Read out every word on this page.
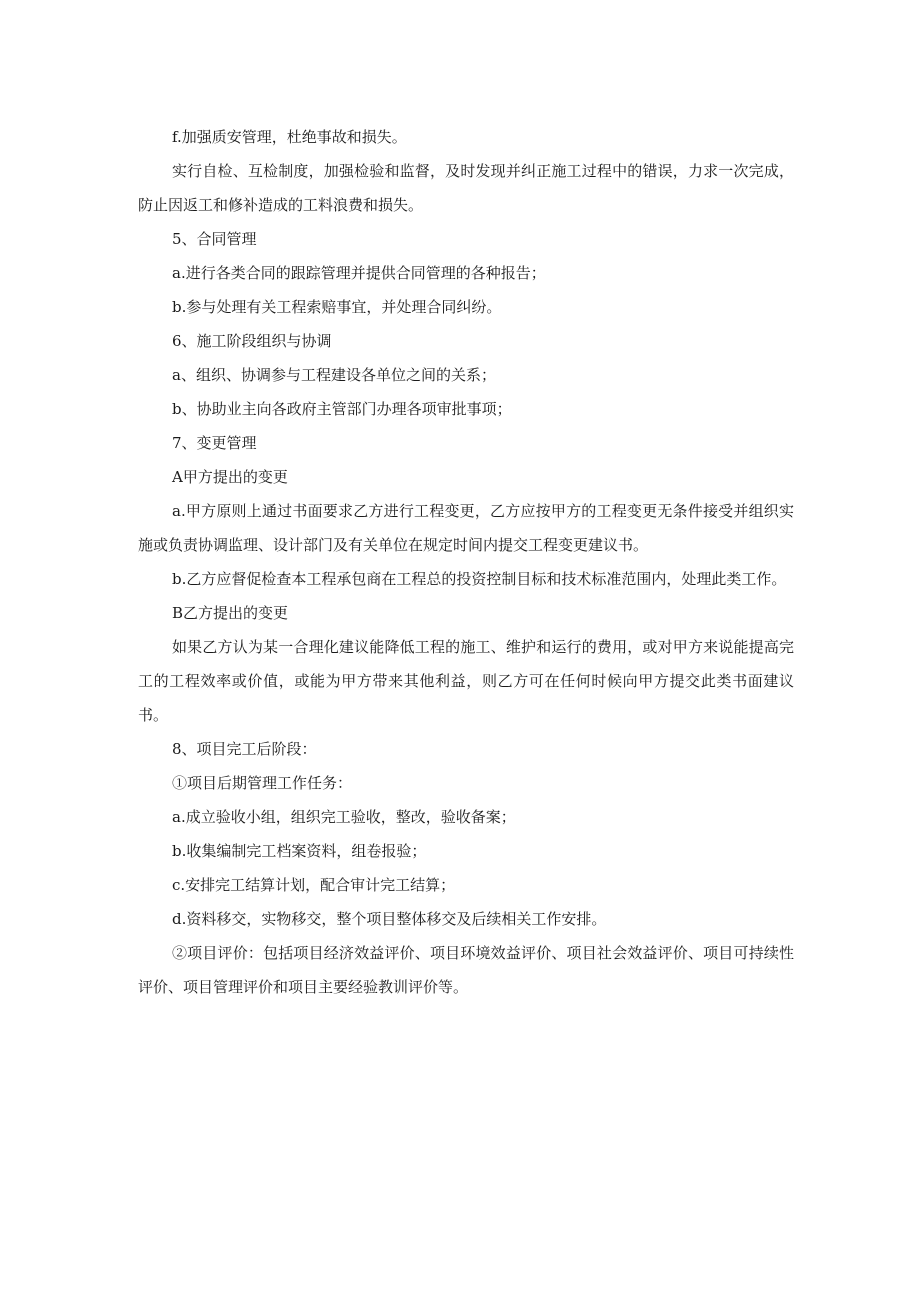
f.加强质安管理，杜绝事故和损失。

实行自检、互检制度，加强检验和监督，及时发现并纠正施工过程中的错误，力求一次完成，防止因返工和修补造成的工料浪费和损失。

5、合同管理

a.进行各类合同的跟踪管理并提供合同管理的各种报告；

b.参与处理有关工程索赔事宜，并处理合同纠纷。

6、施工阶段组织与协调

a、组织、协调参与工程建设各单位之间的关系；

b、协助业主向各政府主管部门办理各项审批事项；

7、变更管理

A甲方提出的变更

a.甲方原则上通过书面要求乙方进行工程变更，乙方应按甲方的工程变更无条件接受并组织实施或负责协调监理、设计部门及有关单位在规定时间内提交工程变更建议书。

b.乙方应督促检查本工程承包商在工程总的投资控制目标和技术标准范围内，处理此类工作。

B乙方提出的变更

如果乙方认为某一合理化建议能降低工程的施工、维护和运行的费用，或对甲方来说能提高完工的工程效率或价值，或能为甲方带来其他利益，则乙方可在任何时候向甲方提交此类书面建议书。

8、项目完工后阶段：

①项目后期管理工作任务：

a.成立验收小组，组织完工验收，整改，验收备案；

b.收集编制完工档案资料，组卷报验；

c.安排完工结算计划，配合审计完工结算；

d.资料移交，实物移交，整个项目整体移交及后续相关工作安排。

②项目评价：包括项目经济效益评价、项目环境效益评价、项目社会效益评价、项目可持续性评价、项目管理评价和项目主要经验教训评价等。
